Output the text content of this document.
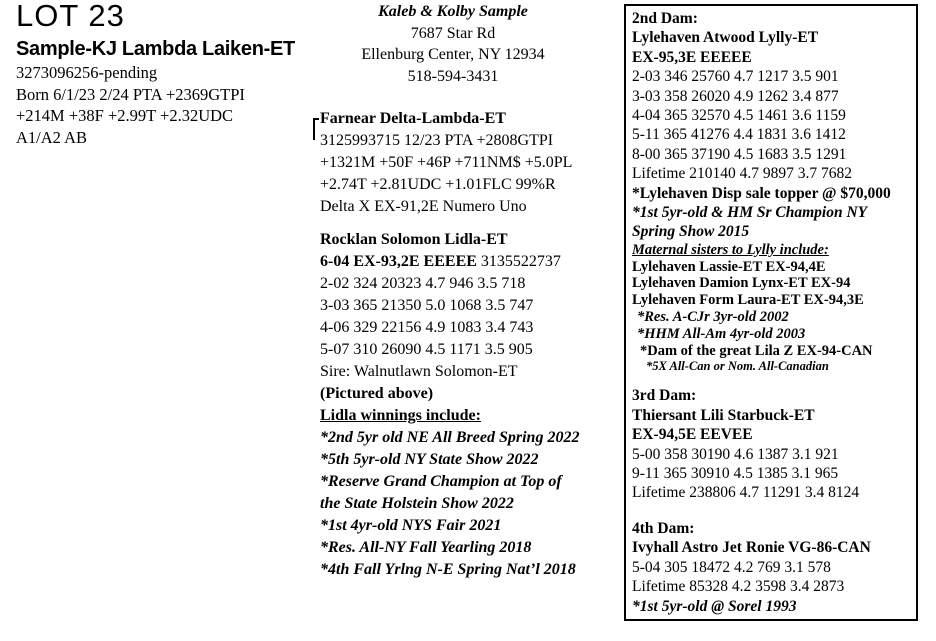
LOT 23
Sample-KJ Lambda Laiken-ET
3273096256-pending
Born 6/1/23 2/24 PTA +2369GTPI
+214M +38F +2.99T +2.32UDC
A1/A2 AB
Kaleb & Kolby Sample
7687 Star Rd
Ellenburg Center, NY 12934
518-594-3431
Farnear Delta-Lambda-ET
3125993715 12/23 PTA +2808GTPI
+1321M +50F +46P +711NM$ +5.0PL
+2.74T +2.81UDC +1.01FLC 99%R
Delta X EX-91,2E Numero Uno
Rocklan Solomon Lidla-ET
6-04 EX-93,2E EEEEE 3135522737
2-02 324 20323 4.7 946 3.5 718
3-03 365 21350 5.0 1068 3.5 747
4-06 329 22156 4.9 1083 3.4 743
5-07 310 26090 4.5 1171 3.5 905
Sire: Walnutlawn Solomon-ET
(Pictured above)
Lidla winnings include:
*2nd 5yr old NE All Breed Spring 2022
*5th 5yr-old NY State Show 2022
*Reserve Grand Champion at Top of
the State Holstein Show 2022
*1st 4yr-old NYS Fair 2021
*Res. All-NY Fall Yearling 2018
*4th Fall Yrlng N-E Spring Nat’l 2018
2nd Dam:
Lylehaven Atwood Lylly-ET
EX-95,3E EEEEE
2-03 346 25760 4.7 1217 3.5 901
3-03 358 26020 4.9 1262 3.4 877
4-04 365 32570 4.5 1461 3.6 1159
5-11 365 41276 4.4 1831 3.6 1412
8-00 365 37190 4.5 1683 3.5 1291
Lifetime 210140 4.7 9897 3.7 7682
*Lylehaven Disp sale topper @ $70,000
*1st 5yr-old & HM Sr Champion NY
Spring Show 2015
Maternal sisters to Lylly include:
Lylehaven Lassie-ET EX-94,4E
Lylehaven Damion Lynx-ET EX-94
Lylehaven Form Laura-ET EX-94,3E
*Res. A-CJr 3yr-old 2002
*HHM All-Am 4yr-old 2003
*Dam of the great Lila Z EX-94-CAN
*5X All-Can or Nom. All-Canadian
3rd Dam:
Thiersant Lili Starbuck-ET
EX-94,5E EEVEE
5-00 358 30190 4.6 1387 3.1 921
9-11 365 30910 4.5 1385 3.1 965
Lifetime 238806 4.7 11291 3.4 8124
4th Dam:
Ivyhall Astro Jet Ronie VG-86-CAN
5-04 305 18472 4.2 769 3.1 578
Lifetime 85328 4.2 3598 3.4 2873
*1st 5yr-old @ Sorel 1993
